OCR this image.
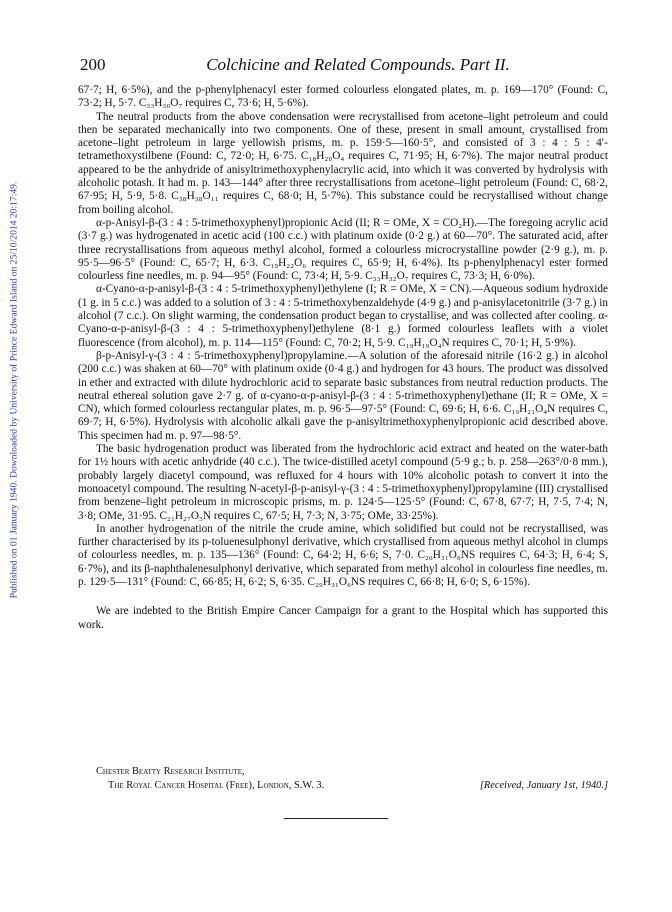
Published on 01 January 1940. Downloaded by University of Prince Edward Island on 25/10/2014 20:17:49.
200	Colchicine and Related Compounds. Part II.

67·7; H, 6·5%), and the p-phenylphenacyl ester formed colourless elongated plates, m. p. 169—170° (Found: C, 73·2; H, 5·7. C₃₃H₃₀O₇ requires C, 73·6; H, 5·6%).

The neutral products from the above condensation were recrystallised from acetone–light petroleum and could then be separated mechanically into two components. One of these, present in small amount, crystallised from acetone–light petroleum in large yellowish prisms, m. p. 159·5—160·5°, and consisted of 3 : 4 : 5 : 4′-tetramethoxystilbene (Found: C, 72·0; H, 6·75. C₁₈H₂₀O₄ requires C, 71·95; H, 6·7%). The major neutral product appeared to be the anhydride of anisyltrimethoxyphenylacrylic acid, into which it was converted by hydrolysis with alcoholic potash. It had m. p. 143—144° after three recrystallisations from acetone–light petroleum (Found: C, 68·2, 67·95; H, 5·9, 5·8. C₃₈H₃₈O₁₁ requires C, 68·0; H, 5·7%). This substance could be recrystallised without change from boiling alcohol.

α-p-Anisyl-β-(3 : 4 : 5-trimethoxyphenyl)propionic Acid (II; R = OMe, X = CO₂H).—The foregoing acrylic acid (3·7 g.) was hydrogenated in acetic acid (100 c.c.) with platinum oxide (0·2 g.) at 60—70°. The saturated acid, after three recrystallisations from aqueous methyl alcohol, formed a colourless microcrystalline powder (2·9 g.), m. p. 95·5—96·5° (Found: C, 65·7; H, 6·3. C₁₉H₂₂O₆ requires C, 65·9; H, 6·4%). Its p-phenylphenacyl ester formed colourless fine needles, m. p. 94—95° (Found: C, 73·4; H, 5·9. C₃₃H₃₂O₇ requires C, 73·3; H, 6·0%).

α-Cyano-α-p-anisyl-β-(3 : 4 : 5-trimethoxyphenyl)ethylene (I; R = OMe, X = CN).—Aqueous sodium hydroxide (1 g. in 5 c.c.) was added to a solution of 3 : 4 : 5-trimethoxybenzaldehyde (4·9 g.) and p-anisylacetonitrile (3·7 g.) in alcohol (7 c.c.). On slight warming, the condensation product began to crystallise, and was collected after cooling. α-Cyano-α-p-anisyl-β-(3 : 4 : 5-trimethoxyphenyl)ethylene (8·1 g.) formed colourless leaflets with a violet fluorescence (from alcohol), m. p. 114—115° (Found: C, 70·2; H, 5·9. C₁₉H₁₉O₄N requires C, 70·1; H, 5·9%).

β-p-Anisyl-γ-(3 : 4 : 5-trimethoxyphenyl)propylamine.—A solution of the aforesaid nitrile (16·2 g.) in alcohol (200 c.c.) was shaken at 60—70° with platinum oxide (0·4 g.) and hydrogen for 43 hours. The product was dissolved in ether and extracted with dilute hydrochloric acid to separate basic substances from neutral reduction products. The neutral ethereal solution gave 2·7 g. of α-cyano-α-p-anisyl-β-(3 : 4 : 5-trimethoxyphenyl)ethane (II; R = OMe, X = CN), which formed colourless rectangular plates, m. p. 96·5—97·5° (Found: C, 69·6; H, 6·6. C₁₉H₂₁O₄N requires C, 69·7; H, 6·5%). Hydrolysis with alcoholic alkali gave the p-anisyltrimethoxyphenylpropionic acid described above. This specimen had m. p. 97—98·5°.

The basic hydrogenation product was liberated from the hydrochloric acid extract and heated on the water-bath for 1½ hours with acetic anhydride (40 c.c.). The twice-distilled acetyl compound (5·9 g.; b. p. 258—263°/0·8 mm.), probably largely diacetyl compound, was refluxed for 4 hours with 10% alcoholic potash to convert it into the monoacetyl compound. The resulting N-acetyl-β-p-anisyl-γ-(3 : 4 : 5-trimethoxyphenyl)propylamine (III) crystallised from benzene–light petroleum in microscopic prisms, m. p. 124·5—125·5° (Found: C, 67·8, 67·7; H, 7·5, 7·4; N, 3·8; OMe, 31·95. C₂₁H₂₇O₅N requires C, 67·5; H, 7·3; N, 3·75; OMe, 33·25%).

In another hydrogenation of the nitrile the crude amine, which solidified but could not be recrystallised, was further characterised by its p-toluenesulphonyl derivative, which crystallised from aqueous methyl alcohol in clumps of colourless needles, m. p. 135—136° (Found: C, 64·2; H, 6·6; S, 7·0. C₂₆H₃₁O₆NS requires C, 64·3; H, 6·4; S, 6·7%), and its β-naphthalenesulphonyl derivative, which separated from methyl alcohol in colourless fine needles, m. p. 129·5—131° (Found: C, 66·85; H, 6·2; S, 6·35. C₂₉H₃₁O₆NS requires C, 66·8; H, 6·0; S, 6·15%).

We are indebted to the British Empire Cancer Campaign for a grant to the Hospital which has supported this work.

Chester Beatty Research Institute,
The Royal Cancer Hospital (Free), London, S.W. 3.	[Received, January 1st, 1940.]
